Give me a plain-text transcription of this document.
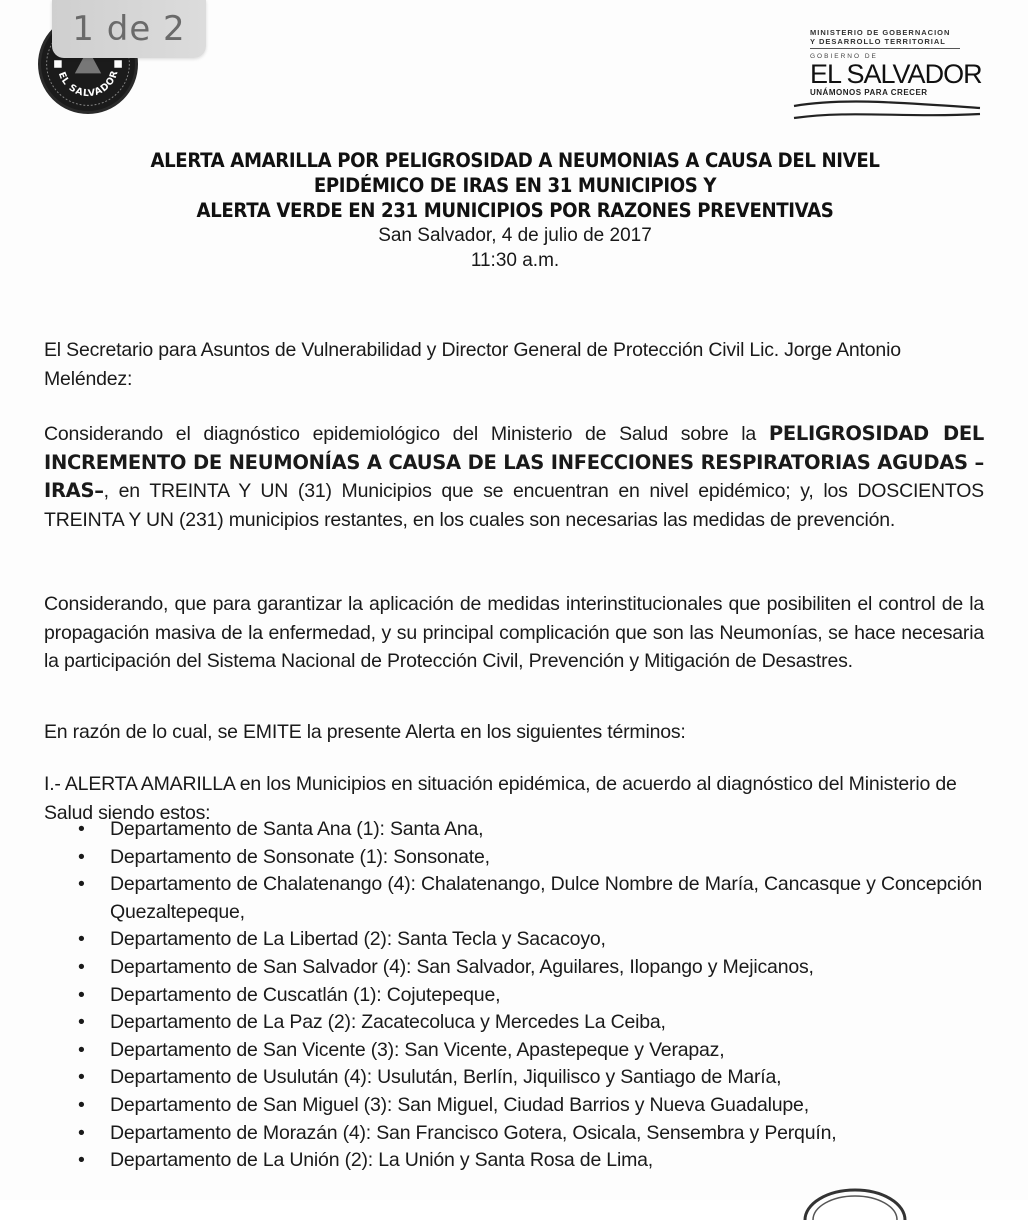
EL SALVADOR
1 de 2	MINISTERIO DE GOBERNACION
Y DESARROLLO TERRITORIAL
GOBIERNO DE
EL SALVADOR
UNÁMONOS PARA CRECER
ALERTA AMARILLA POR PELIGROSIDAD A NEUMONIAS A CAUSA DEL NIVEL
EPIDÉMICO DE IRAS EN 31 MUNICIPIOS Y
ALERTA VERDE EN 231 MUNICIPIOS POR RAZONES PREVENTIVAS
San Salvador, 4 de julio de 2017
11:30 a.m.
El Secretario para Asuntos de Vulnerabilidad y Director General de Protección Civil Lic. Jorge Antonio Meléndez:
Considerando el diagnóstico epidemiológico del Ministerio de Salud sobre la PELIGROSIDAD DEL INCREMENTO DE NEUMONÍAS A CAUSA DE LAS INFECCIONES RESPIRATORIAS AGUDAS –IRAS–, en TREINTA Y UN (31) Municipios que se encuentran en nivel epidémico; y, los DOSCIENTOS TREINTA Y UN (231) municipios restantes, en los cuales son necesarias las medidas de prevención.
Considerando, que para garantizar la aplicación de medidas interinstitucionales que posibiliten el control de la propagación masiva de la enfermedad, y su principal complicación que son las Neumonías, se hace necesaria la participación del Sistema Nacional de Protección Civil, Prevención y Mitigación de Desastres.
En razón de lo cual, se EMITE la presente Alerta en los siguientes términos:
I.- ALERTA AMARILLA en los Municipios en situación epidémica, de acuerdo al diagnóstico del Ministerio de Salud siendo estos:
• Departamento de Santa Ana (1): Santa Ana,
• Departamento de Sonsonate (1): Sonsonate,
• Departamento de Chalatenango (4): Chalatenango, Dulce Nombre de María, Cancasque y Concepción Quezaltepeque,
• Departamento de La Libertad (2): Santa Tecla y Sacacoyo,
• Departamento de San Salvador (4): San Salvador, Aguilares, Ilopango y Mejicanos,
• Departamento de Cuscatlán (1): Cojutepeque,
• Departamento de La Paz (2): Zacatecoluca y Mercedes La Ceiba,
• Departamento de San Vicente (3): San Vicente, Apastepeque y Verapaz,
• Departamento de Usulután (4): Usulután, Berlín, Jiquilisco y Santiago de María,
• Departamento de San Miguel (3): San Miguel, Ciudad Barrios y Nueva Guadalupe,
• Departamento de Morazán (4): San Francisco Gotera, Osicala, Sensembra y Perquín,
• Departamento de La Unión (2): La Unión y Santa Rosa de Lima,
